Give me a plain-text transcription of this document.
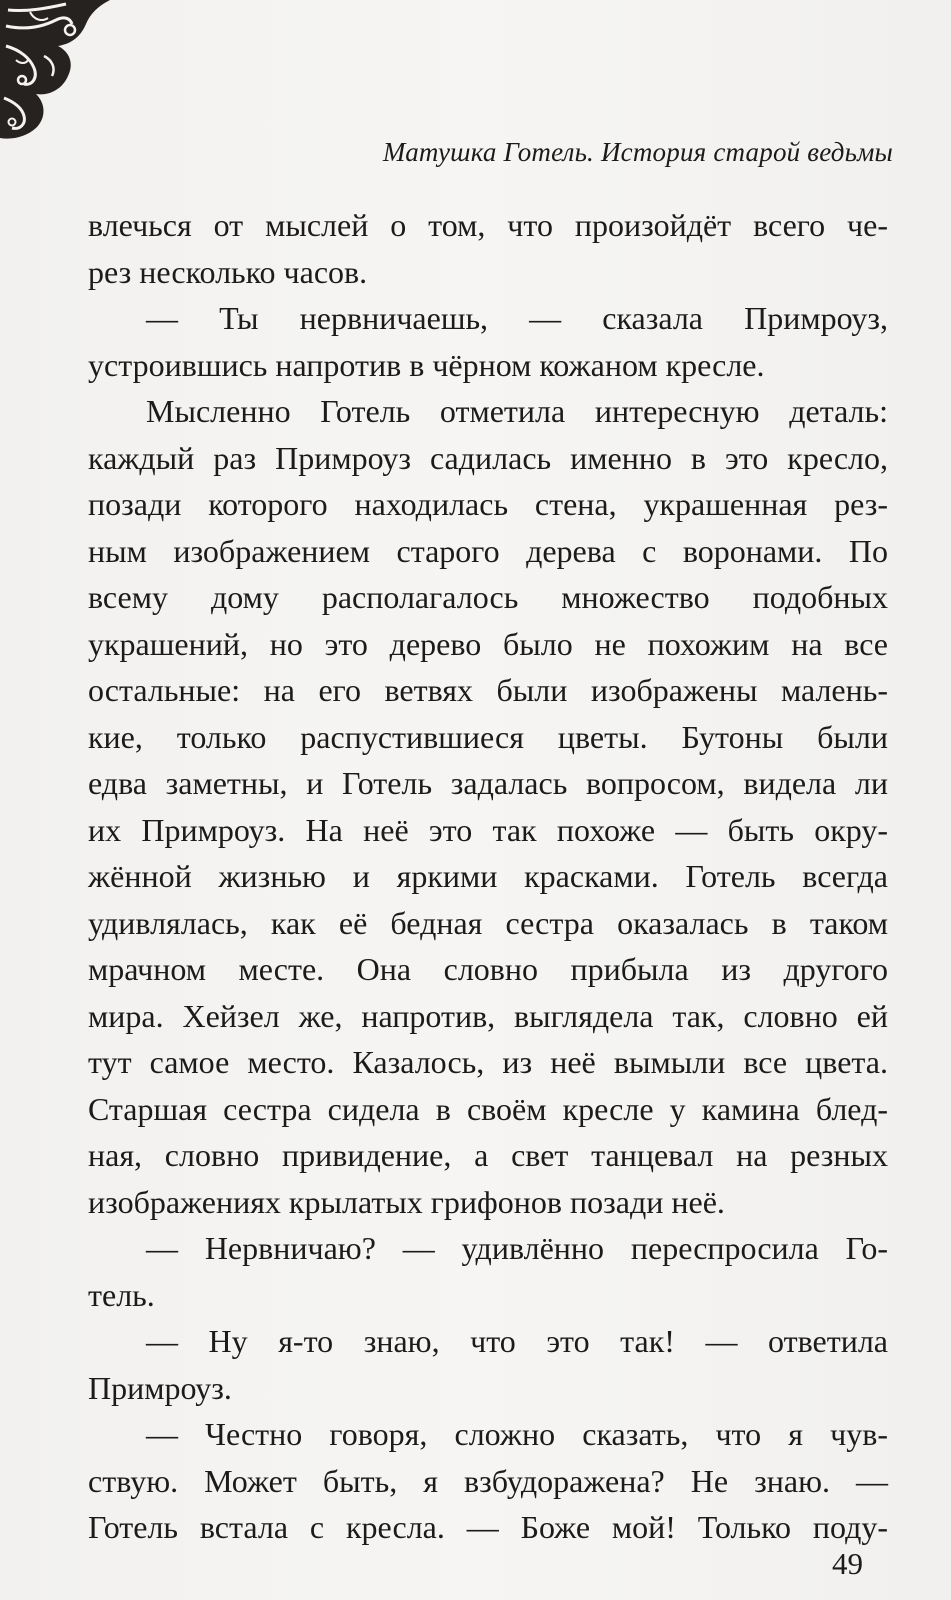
Матушка Готель. История старой ведьмы
влечься от мыслей о том, что произойдёт всего че-
рез несколько часов.
— Ты нервничаешь, — сказала Примроуз,
устроившись напротив в чёрном кожаном кресле.
Мысленно Готель отметила интересную деталь:
каждый раз Примроуз садилась именно в это кресло,
позади которого находилась стена, украшенная рез-
ным изображением старого дерева с воронами. По
всему дому располагалось множество подобных
украшений, но это дерево было не похожим на все
остальные: на его ветвях были изображены малень-
кие, только распустившиеся цветы. Бутоны были
едва заметны, и Готель задалась вопросом, видела ли
их Примроуз. На неё это так похоже — быть окру-
жённой жизнью и яркими красками. Готель всегда
удивлялась, как её бедная сестра оказалась в таком
мрачном месте. Она словно прибыла из другого
мира. Хейзел же, напротив, выглядела так, словно ей
тут самое место. Казалось, из неё вымыли все цвета.
Старшая сестра сидела в своём кресле у камина блед-
ная, словно привидение, а свет танцевал на резных
изображениях крылатых грифонов позади неё.
— Нервничаю? — удивлённо переспросила Го-
тель.
— Ну я-то знаю, что это так! — ответила
Примроуз.
— Честно говоря, сложно сказать, что я чув-
ствую. Может быть, я взбудоражена? Не знаю. —
Готель встала с кресла. — Боже мой! Только поду-
49
